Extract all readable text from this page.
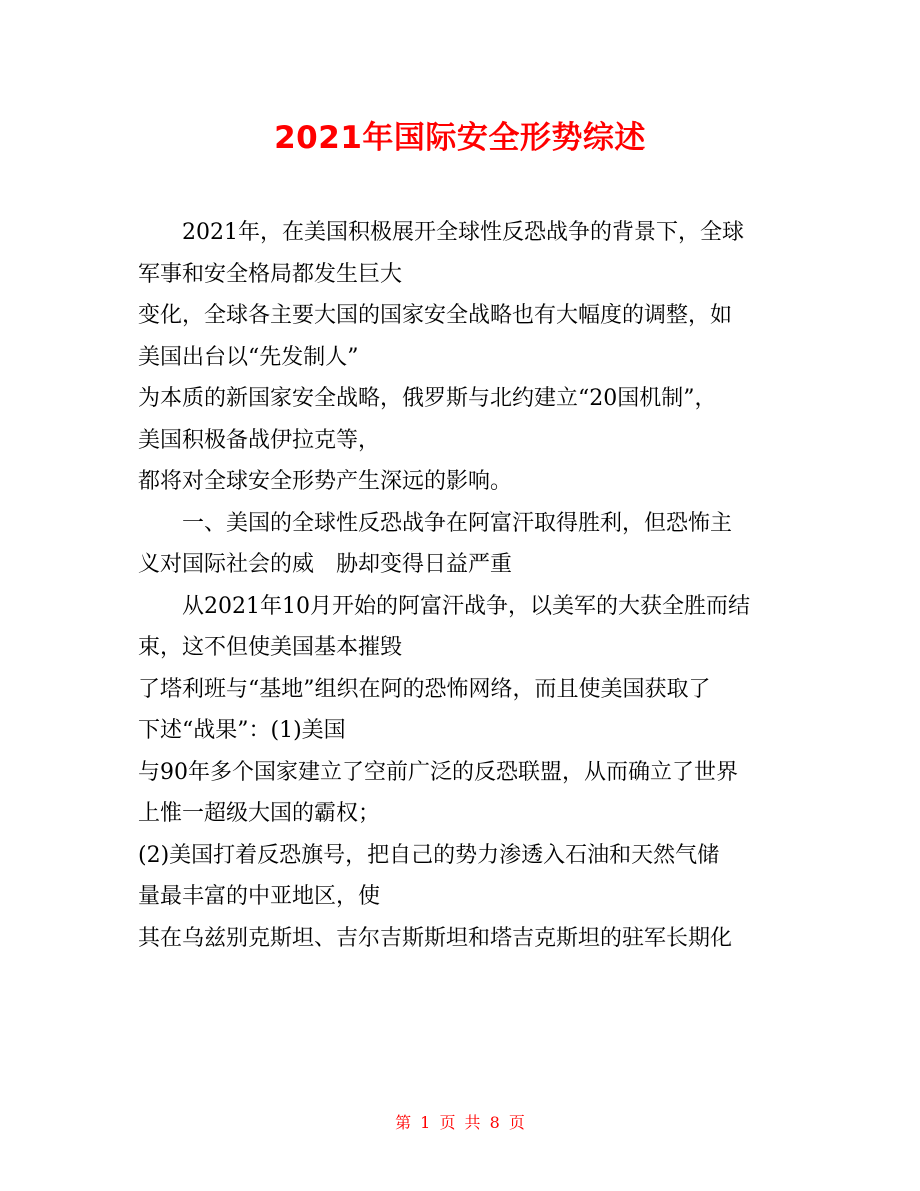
2021年国际安全形势综述
2021年，在美国积极展开全球性反恐战争的背景下，全球
军事和安全格局都发生巨大
变化，全球各主要大国的国家安全战略也有大幅度的调整，如
美国出台以“先发制人”
为本质的新国家安全战略，俄罗斯与北约建立“20国机制”，
美国积极备战伊拉克等，
都将对全球安全形势产生深远的影响。
一、美国的全球性反恐战争在阿富汗取得胜利，但恐怖主
义对国际社会的威　胁却变得日益严重
从2021年10月开始的阿富汗战争，以美军的大获全胜而结
束，这不但使美国基本摧毁
了塔利班与“基地”组织在阿的恐怖网络，而且使美国获取了
下述“战果”：(1)美国
与90年多个国家建立了空前广泛的反恐联盟，从而确立了世界
上惟一超级大国的霸权；
(2)美国打着反恐旗号，把自己的势力渗透入石油和天然气储
量最丰富的中亚地区，使
其在乌兹别克斯坦、吉尔吉斯斯坦和塔吉克斯坦的驻军长期化
第 1 页 共 8 页
